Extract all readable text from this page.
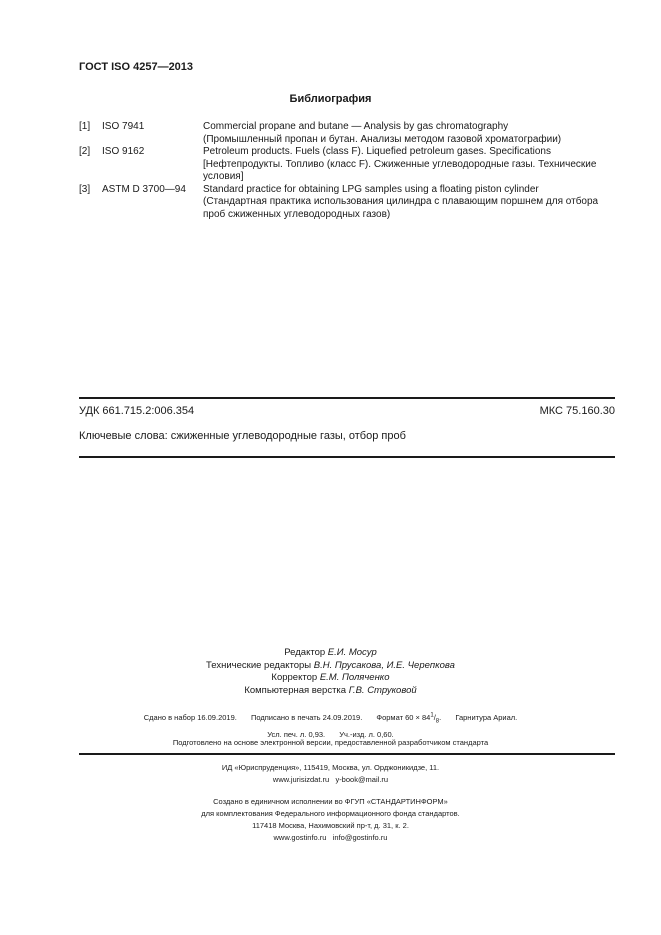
ГОСТ ISO 4257—2013
Библиография
[1]	ISO 7941	Commercial propane and butane — Analysis by gas chromatography
(Промышленный пропан и бутан. Анализы методом газовой хроматографии)
[2]	ISO 9162	Petroleum products. Fuels (class F). Liquefied petroleum gases. Specifications
[Нефтепродукты. Топливо (класс F). Сжиженные углеводородные газы. Технические
условия]
[3]	ASTM D 3700—94	Standard practice for obtaining LPG samples using a floating piston cylinder
(Стандартная практика использования цилиндра с плавающим поршнем для отбора
проб сжиженных углеводородных газов)
УДК 661.715.2:006.354	МКС 75.160.30
Ключевые слова: сжиженные углеводородные газы, отбор проб
Редактор Е.И. Мосур
Технические редакторы В.Н. Прусакова, И.Е. Черепкова
Корректор Е.М. Поляченко
Компьютерная верстка Г.В. Струковой
Сдано в набор 16.09.2019. Подписано в печать 24.09.2019. Формат $60 \times 84^1/_8$. Гарнитура Ариал.
Усл. печ. л. 0,93. Уч.-изд. л. 0,60.
Подготовлено на основе электронной версии, предоставленной разработчиком стандарта
ИД «Юриспруденция», 115419, Москва, ул. Орджоникидзе, 11.
www.jurisizdat.ru y-book@mail.ru
Создано в единичном исполнении во ФГУП «СТАНДАРТИНФОРМ»
для комплектования Федерального информационного фонда стандартов.
117418 Москва, Нахимовский пр-т, д. 31, к. 2.
www.gostinfo.ru info@gostinfo.ru
